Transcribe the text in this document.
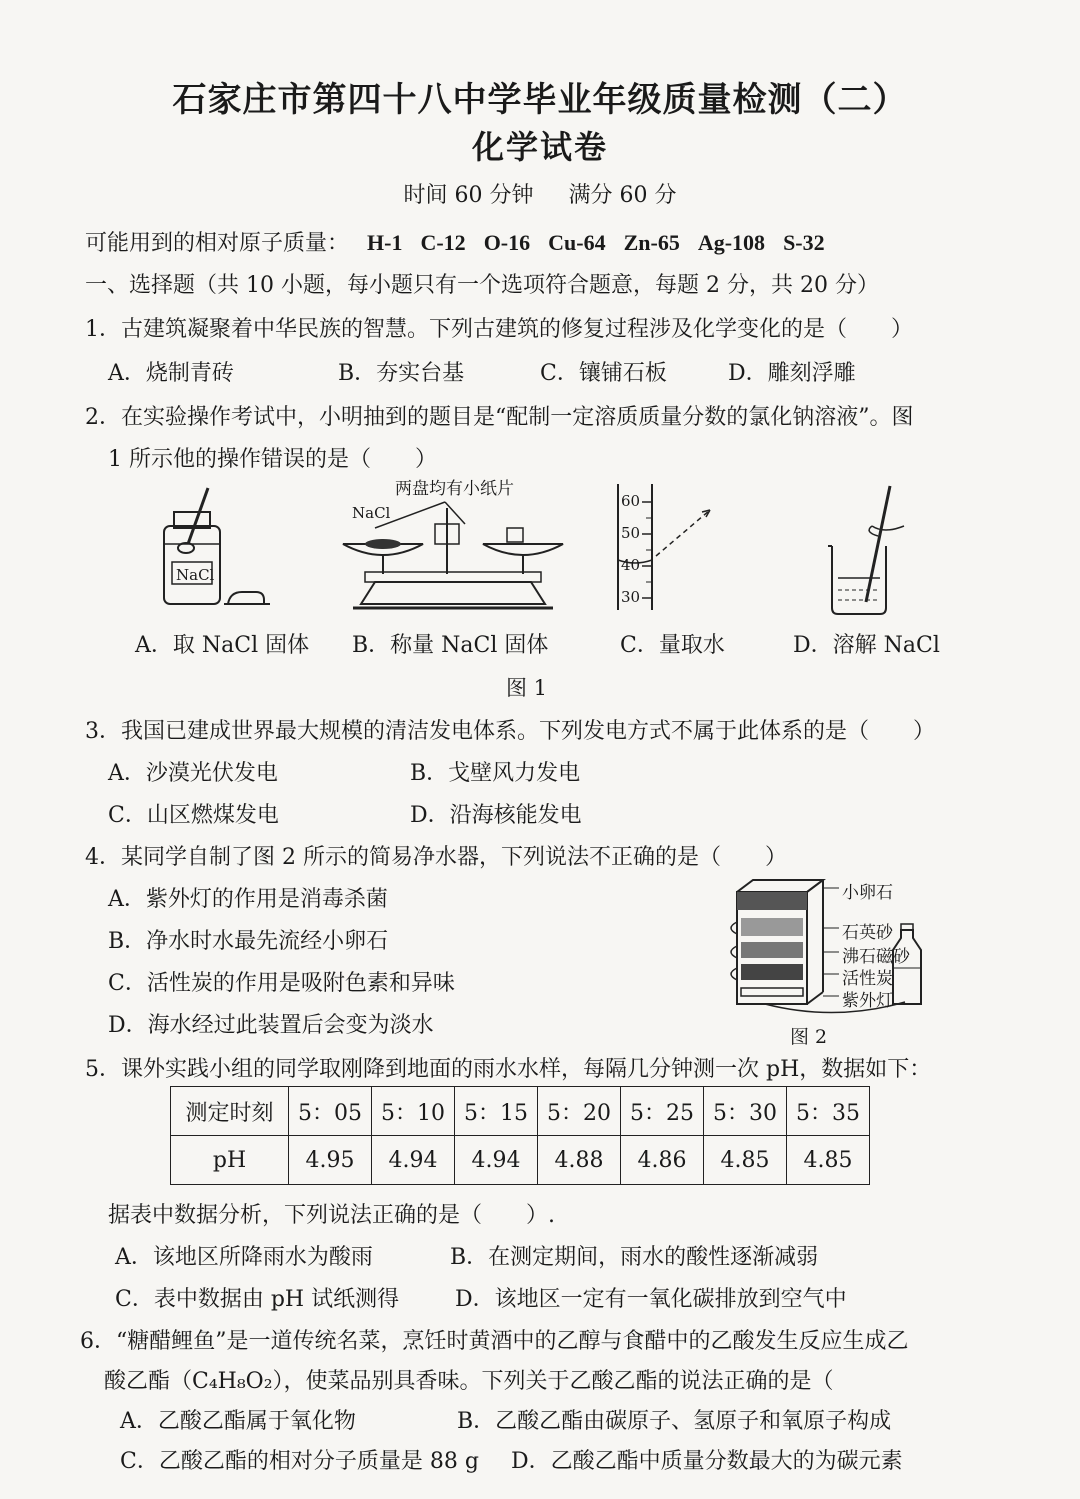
石家庄市第四十八中学毕业年级质量检测（二）
化学试卷
时间 60 分钟 满分 60 分
可能用到的相对原子质量： H-1 C-12 O-16 Cu-64 Zn-65 Ag-108 S-32
一、选择题（共 10 小题，每小题只有一个选项符合题意，每题 2 分，共 20 分）
1．古建筑凝聚着中华民族的智慧。下列古建筑的修复过程涉及化学变化的是（　　）
A．烧制青砖	B．夯实台基	C．镶铺石板	D．雕刻浮雕
2．在实验操作考试中，小明抽到的题目是“配制一定溶质质量分数的氯化钠溶液”。图
1 所示他的操作错误的是（　　）
NaCl
两盘均有小纸片
NaCl
60
50
40
30
A．取 NaCl 固体 B．称量 NaCl 固体	C．量取水	D．溶解 NaCl
图 1
3．我国已建成世界最大规模的清洁发电体系。下列发电方式不属于此体系的是（　　）
A．沙漠光伏发电	B．戈壁风力发电
C．山区燃煤发电	D．沿海核能发电
4．某同学自制了图 2 所示的简易净水器，下列说法不正确的是（　　）
A．紫外灯的作用是消毒杀菌
B．净水时水最先流经小卵石
C．活性炭的作用是吸附色素和异味
D．海水经过此装置后会变为淡水
小卵石
石英砂
沸石磁砂
活性炭
紫外灯
图 2
5．课外实践小组的同学取刚降到地面的雨水水样，每隔几分钟测一次 pH，数据如下：
测定时刻	5：05	5：10	5：15	5：20	5：25	5：30	5：35
pH	4.95	4.94	4.94	4.88	4.86	4.85	4.85
据表中数据分析，下列说法正确的是（　　）.
A．该地区所降雨水为酸雨	B．在测定期间，雨水的酸性逐渐减弱
C．表中数据由 pH 试纸测得	D．该地区一定有一氧化碳排放到空气中
6．“糖醋鲤鱼”是一道传统名菜，烹饪时黄酒中的乙醇与食醋中的乙酸发生反应生成乙
酸乙酯（C₄H₈O₂），使菜品别具香味。下列关于乙酸乙酯的说法正确的是（
A．乙酸乙酯属于氧化物	B．乙酸乙酯由碳原子、氢原子和氧原子构成
C．乙酸乙酯的相对分子质量是 88 g D．乙酸乙酯中质量分数最大的为碳元素
